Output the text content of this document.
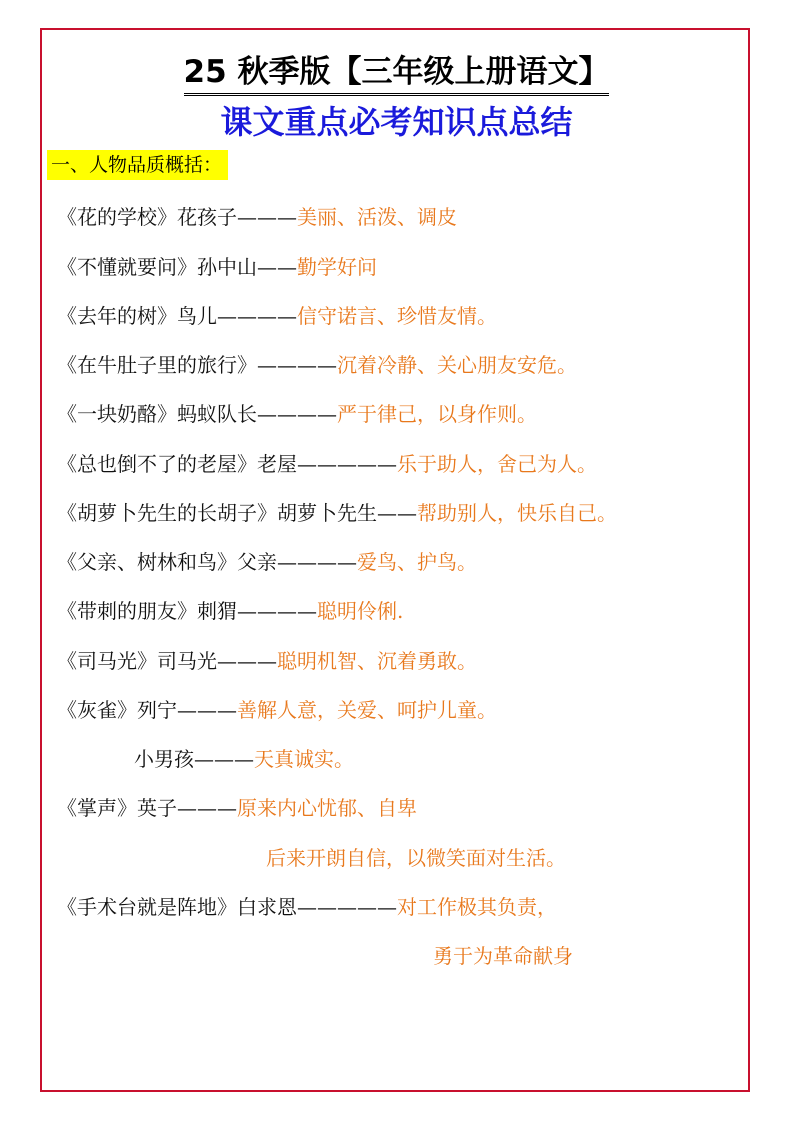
25 秋季版【三年级上册语文】
课文重点必考知识点总结
一、人物品质概括：
《花的学校》花孩子———美丽、活泼、调皮
《不懂就要问》孙中山——勤学好问
《去年的树》鸟儿————信守诺言、珍惜友情。
《在牛肚子里的旅行》————沉着冷静、关心朋友安危。
《一块奶酪》蚂蚁队长————严于律己，以身作则。
《总也倒不了的老屋》老屋—————乐于助人，舍己为人。
《胡萝卜先生的长胡子》胡萝卜先生——帮助别人，快乐自己。
《父亲、树林和鸟》父亲————爱鸟、护鸟。
《带刺的朋友》刺猬————聪明伶俐.
《司马光》司马光———聪明机智、沉着勇敢。
《灰雀》列宁———善解人意，关爱、呵护儿童。
小男孩———天真诚实。
《掌声》英子———原来内心忧郁、自卑
后来开朗自信，以微笑面对生活。
《手术台就是阵地》白求恩—————对工作极其负责，
勇于为革命献身
